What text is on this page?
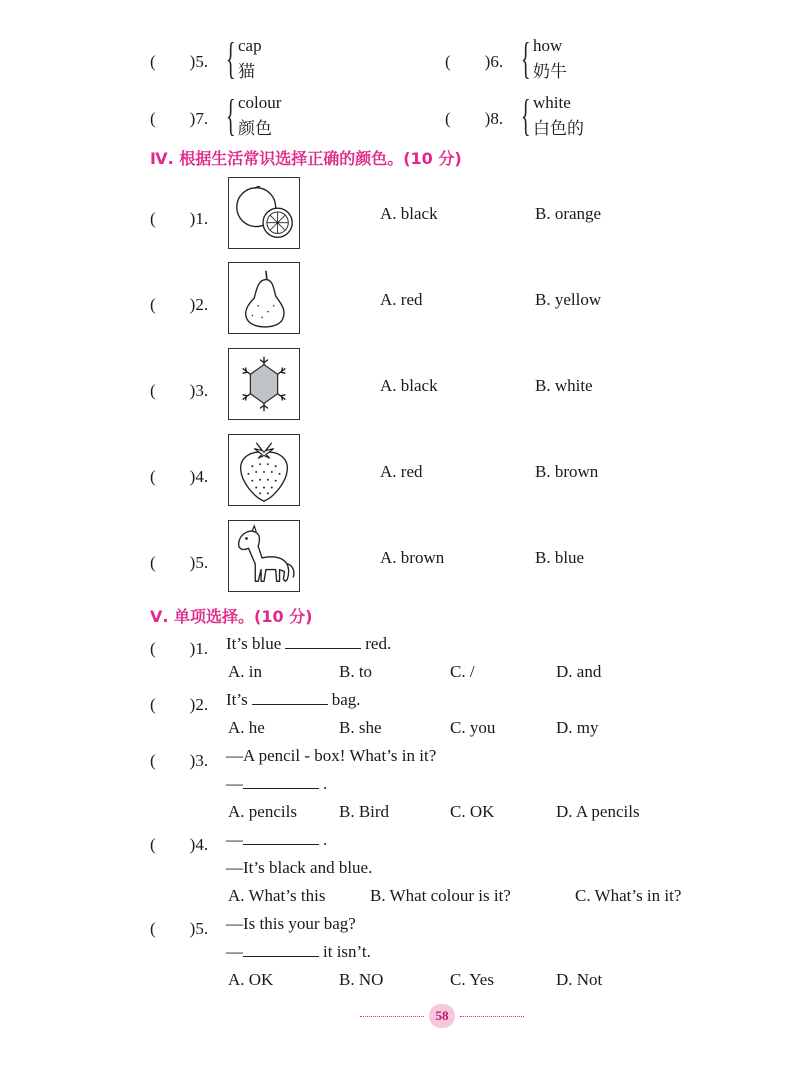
(　　)5. { cap
猫
(　　)6. { how
奶牛
(　　)7. { colour
颜色
(　　)8. { white
白色的
Ⅳ. 根据生活常识选择正确的颜色。(10 分)
(　　)1.	A. black	B. orange
(　　)2.	A. red	B. yellow
(　　)3.	A. black	B. white
(　　)4.	A. red	B. brown
(　　)5.	A. brown	B. blue
Ⅴ. 单项选择。(10 分)
(　　)1. It’s blue	red.
A. in	B. to	C. /	D. and
(　　)2. It’s	bag.
A. he	B. she	C. you	D. my
(　　)3. —A pencil - box! What’s in it?
—	.
A. pencils B. Bird	C. OK	D. A pencils
(　　)4. —	.
—It’s black and blue.
A. What’s this	B. What colour is it?	C. What’s in it?
(　　)5. —Is this your bag?
—	it isn’t.
A. OK	B. NO	C. Yes	D. Not
58
